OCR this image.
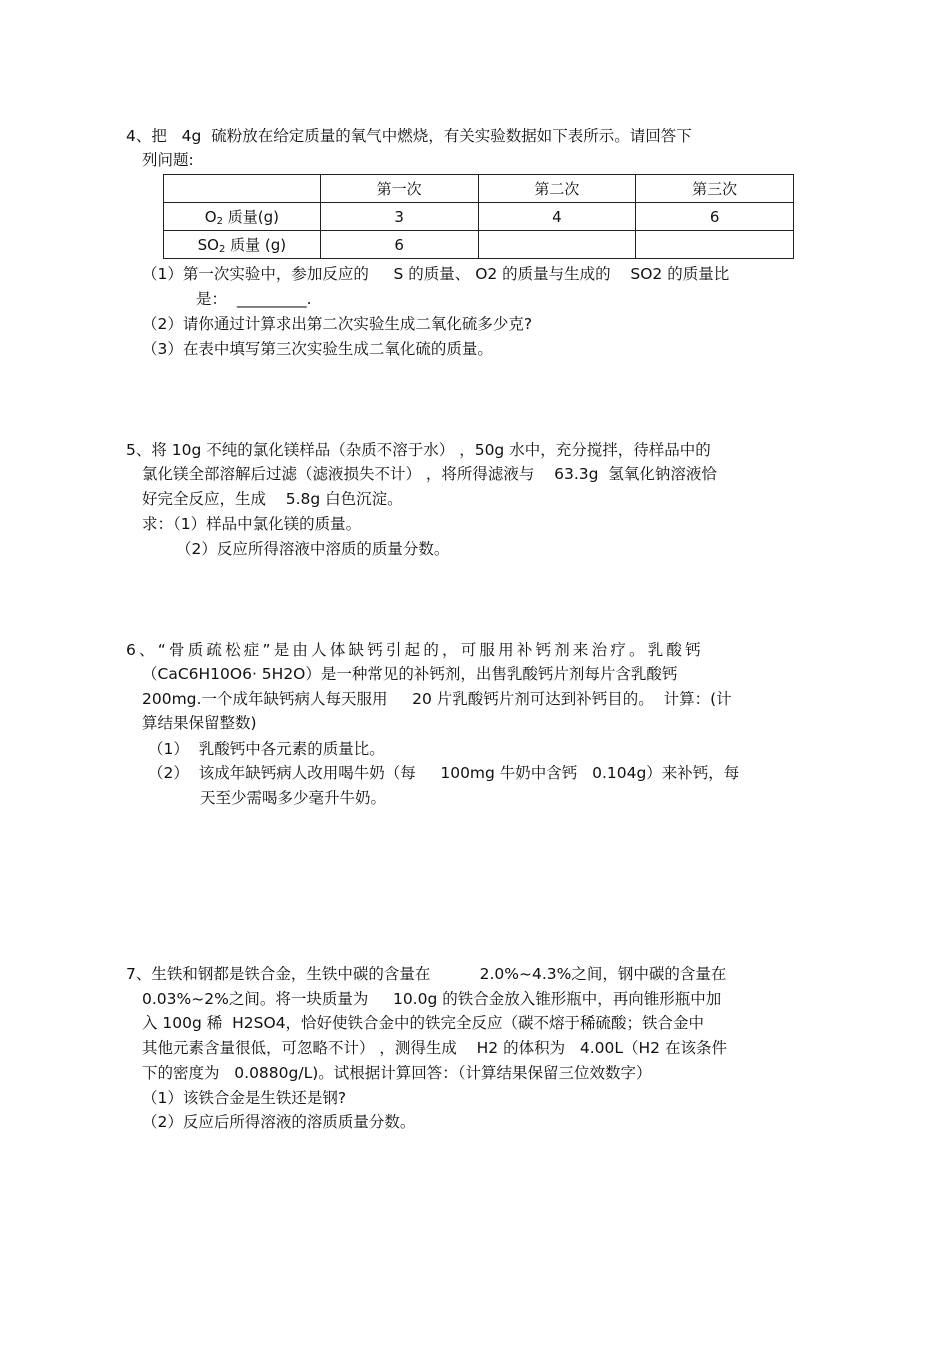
4、把   4g  硫粉放在给定质量的氧气中燃烧，有关实验数据如下表所示。请回答下
列问题:
	第一次	第二次	第三次
$O_2$ 质量(g)	3	4	6
$SO_2$ 质量 (g)	6		
（1）第一次实验中，参加反应的     S 的质量、 O2 的质量与生成的    SO2 的质量比
是：  _________.
（2）请你通过计算求出第二次实验生成二氧化硫多少克?
（3）在表中填写第三次实验生成二氧化硫的质量。
5、将 10g 不纯的氯化镁样品（杂质不溶于水） ，50g 水中，充分搅拌，待样品中的
氯化镁全部溶解后过滤（滤液损失不计） ，将所得滤液与    63.3g  氢氧化钠溶液恰
好完全反应，生成    5.8g 白色沉淀。
求：（1）样品中氯化镁的质量。
（2）反应所得溶液中溶质的质量分数。
6、“骨质疏松症”是由人体缺钙引起的，可服用补钙剂来治疗。乳酸钙
（CaC6H10O6· 5H2O）是一种常见的补钙剂，出售乳酸钙片剂每片含乳酸钙
200mg.一个成年缺钙病人每天服用     20 片乳酸钙片剂可达到补钙目的。  计算：(计
算结果保留整数)
（1）  乳酸钙中各元素的质量比。
（2）  该成年缺钙病人改用喝牛奶（每     100mg 牛奶中含钙   0.104g）来补钙，每
天至少需喝多少毫升牛奶。
7、生铁和钢都是铁合金，生铁中碳的含量在          2.0%~4.3%之间，钢中碳的含量在
0.03%~2%之间。将一块质量为     10.0g 的铁合金放入锥形瓶中，再向锥形瓶中加
入 100g 稀  H2SO4，恰好使铁合金中的铁完全反应（碳不熔于稀硫酸；铁合金中
其他元素含量很低，可忽略不计） ，测得生成    H2 的体积为   4.00L（H2 在该条件
下的密度为   0.0880g/L)。试根据计算回答：（计算结果保留三位效数字）
（1）该铁合金是生铁还是钢?
（2）反应后所得溶液的溶质质量分数。
